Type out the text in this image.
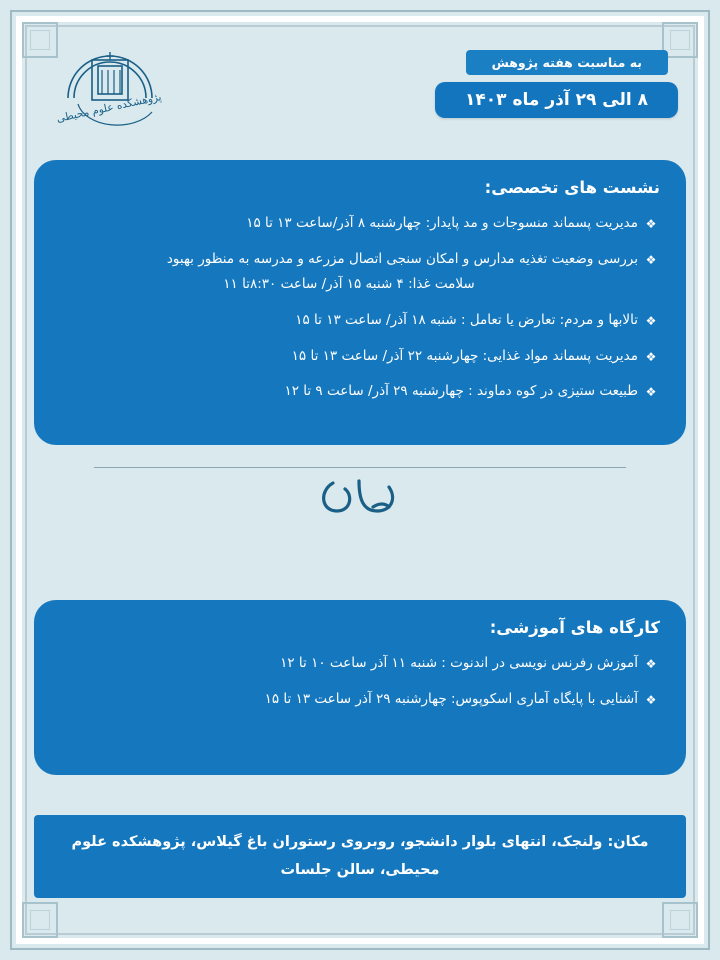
به مناسبت هفته پژوهش
۸ الی ۲۹ آذر ماه ۱۴۰۳
پژوهشکده علوم محیطی
نشست های تخصصی:
❖
مدیریت پسماند منسوجات و مد پایدار: چهارشنبه ۸ آذر/ساعت ۱۳ تا ۱۵
❖
بررسی وضعیت تغذیه مدارس و امکان سنجی اتصال مزرعه و مدرسه به منظور بهبود
سلامت غذا: ۴ شنبه ۱۵ آذر/ ساعت ۸:۳۰تا ۱۱
❖
تالابها و مردم: تعارض یا تعامل : شنبه ۱۸ آذر/ ساعت ۱۳ تا ۱۵
❖
مدیریت پسماند مواد غذایی: چهارشنبه ۲۲ آذر/ ساعت ۱۳ تا ۱۵
❖
طبیعت ستیزی در کوه دماوند : چهارشنبه ۲۹ آذر/ ساعت ۹ تا ۱۲
کارگاه های آموزشی:
❖
آموزش رفرنس نویسی در اندنوت : شنبه ۱۱ آذر ساعت ۱۰ تا ۱۲
❖
آشنایی با پایگاه آماری اسکوپوس: چهارشنبه ۲۹ آذر ساعت ۱۳ تا ۱۵
مکان: ولنجک، انتهای بلوار دانشجو، روبروی رستوران باغ گیلاس، پژوهشکده علوم
محیطی، سالن جلسات
